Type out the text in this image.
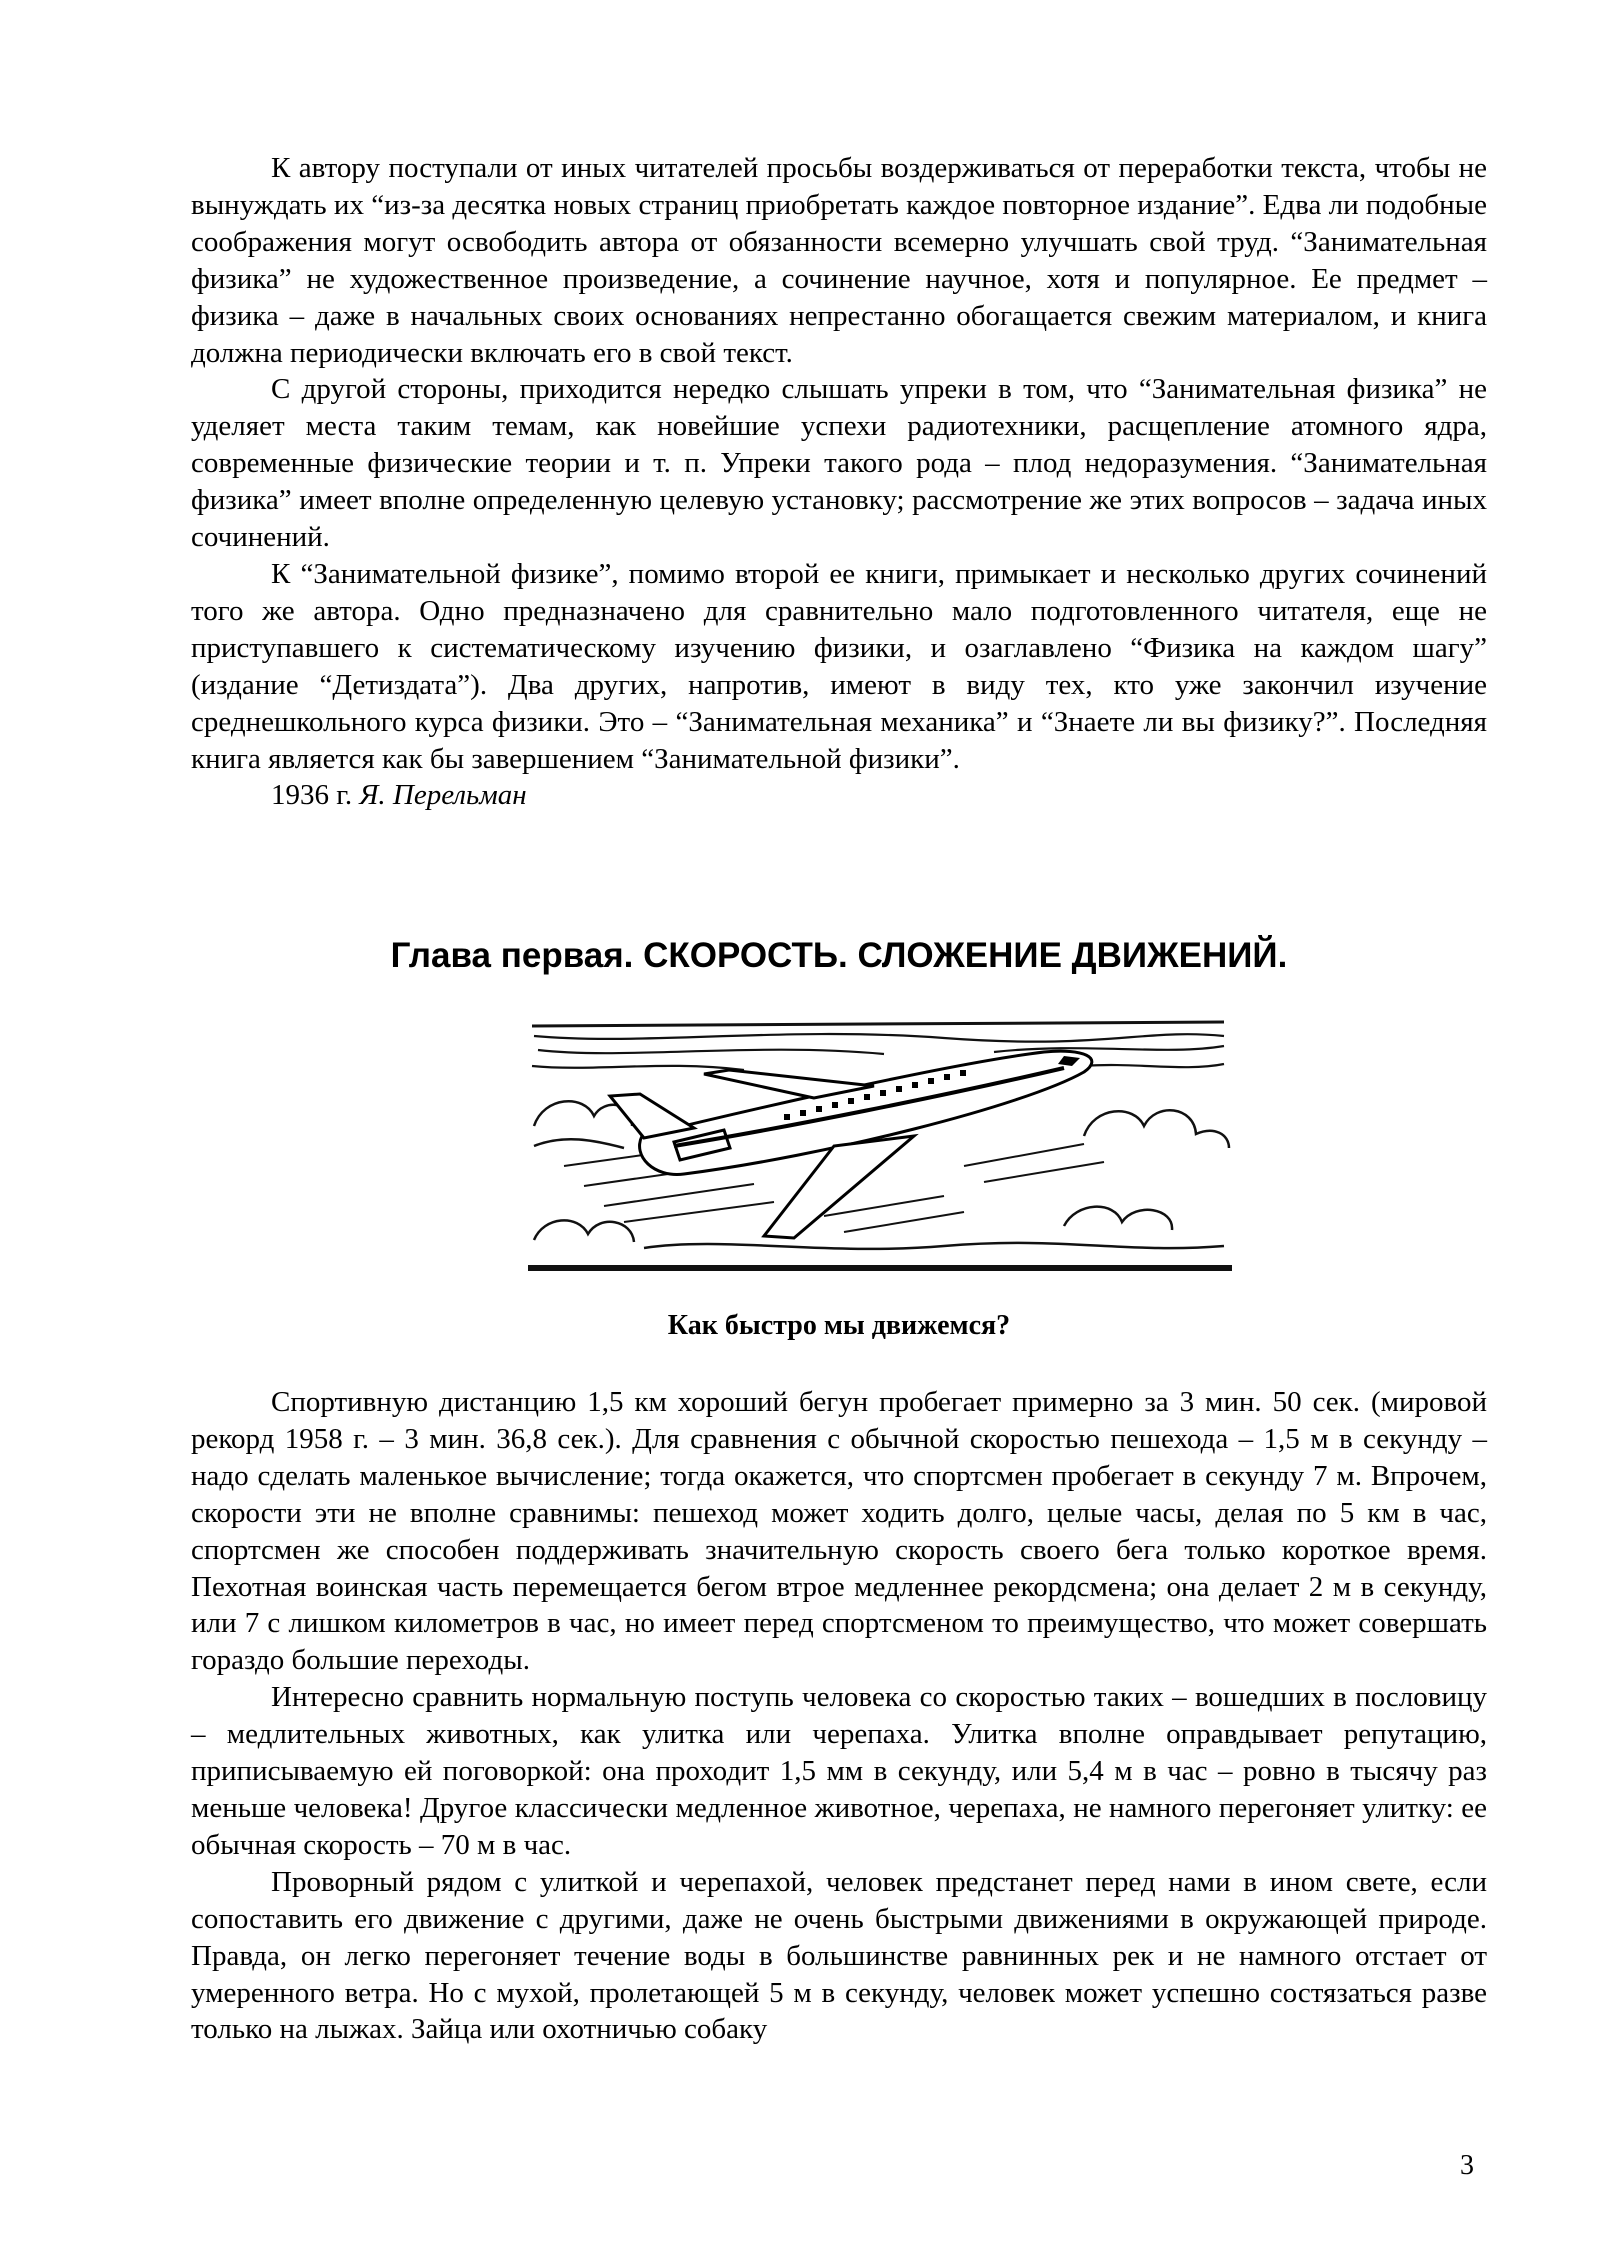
К автору поступали от иных читателей просьбы воздерживаться от переработки текста, чтобы не вынуждать их “из-за десятка новых страниц приобретать каждое повторное издание”. Едва ли подобные соображения могут освободить автора от обязанности всемерно улучшать свой труд. “Занимательная физика” не художественное произведение, а сочинение научное, хотя и популярное. Ее предмет – физика – даже в начальных своих основаниях непрестанно обогащается свежим материалом, и книга должна периодически включать его в свой текст.

С другой стороны, приходится нередко слышать упреки в том, что “Занимательная физика” не уделяет места таким темам, как новейшие успехи радиотехники, расщепление атомного ядра, современные физические теории и т. п. Упреки такого рода – плод недоразумения. “Занимательная физика” имеет вполне определенную целевую установку; рассмотрение же этих вопросов – задача иных сочинений.

К “Занимательной физике”, помимо второй ее книги, примыкает и несколько других сочинений того же автора. Одно предназначено для сравнительно мало подготовленного читателя, еще не приступавшего к систематическому изучению физики, и озаглавлено “Физика на каждом шагу” (издание “Детиздата”). Два других, напротив, имеют в виду тех, кто уже закончил изучение среднешкольного курса физики. Это – “Занимательная механика” и “Знаете ли вы физику?”. Последняя книга является как бы завершением “Занимательной физики”.

1936 г. Я. Перельман

Глава первая. СКОРОСТЬ. СЛОЖЕНИЕ ДВИЖЕНИЙ.
Как быстро мы движемся?

Спортивную дистанцию 1,5 км хороший бегун пробегает примерно за 3 мин. 50 сек. (мировой рекорд 1958 г. – 3 мин. 36,8 сек.). Для сравнения с обычной скоростью пешехода – 1,5 м в секунду – надо сделать маленькое вычисление; тогда окажется, что спортсмен пробегает в секунду 7 м. Впрочем, скорости эти не вполне сравнимы: пешеход может ходить долго, целые часы, делая по 5 км в час, спортсмен же способен поддерживать значительную скорость своего бега только короткое время. Пехотная воинская часть перемещается бегом втрое медленнее рекордсмена; она делает 2 м в секунду, или 7 с лишком километров в час, но имеет перед спортсменом то преимущество, что может совершать гораздо большие переходы.

Интересно сравнить нормальную поступь человека со скоростью таких – вошедших в пословицу – медлительных животных, как улитка или черепаха. Улитка вполне оправдывает репутацию, приписываемую ей поговоркой: она проходит 1,5 мм в секунду, или 5,4 м в час – ровно в тысячу раз меньше человека! Другое классически медленное животное, черепаха, не намного перегоняет улитку: ее обычная скорость – 70 м в час.

Проворный рядом с улиткой и черепахой, человек предстанет перед нами в ином свете, если сопоставить его движение с другими, даже не очень быстрыми движениями в окружающей природе. Правда, он легко перегоняет течение воды в большинстве равнинных рек и не намного отстает от умеренного ветра. Но с мухой, пролетающей 5 м в секунду, человек может успешно состязаться разве только на лыжах. Зайца или охотничью собаку

3
